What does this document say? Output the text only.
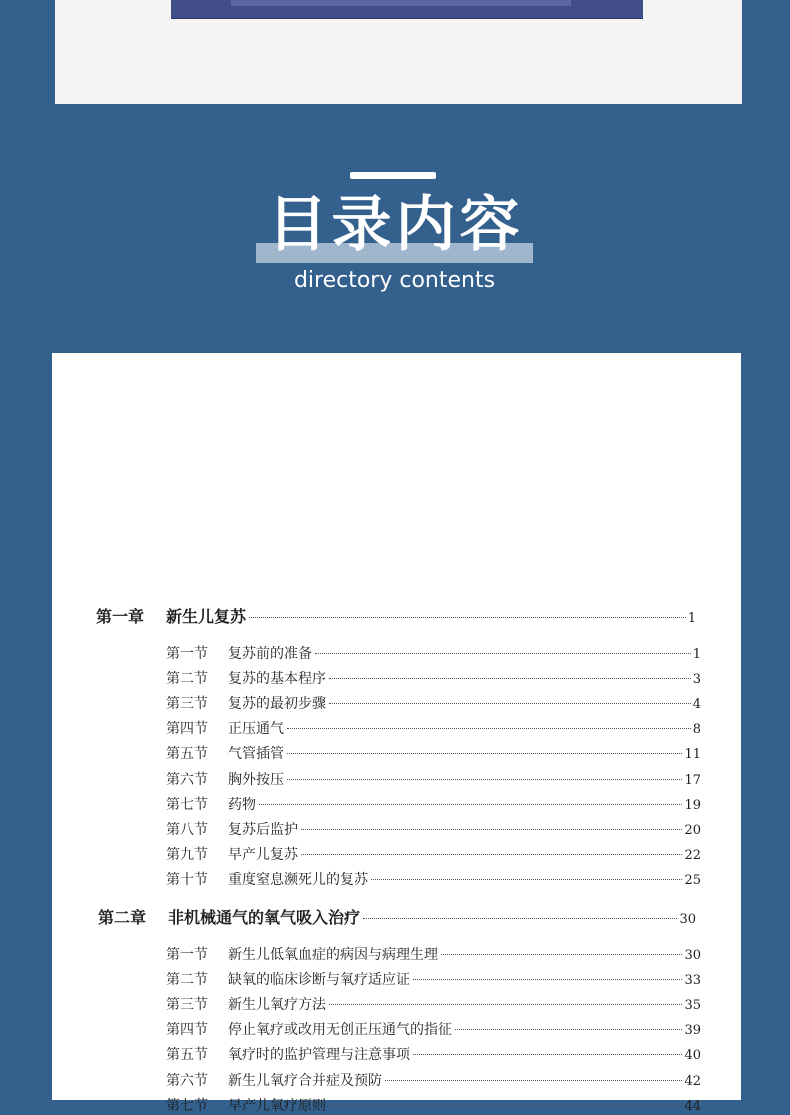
目录内容
directory contents
第一章	新生儿复苏	1
第一节	复苏前的准备	1
第二节	复苏的基本程序	3
第三节	复苏的最初步骤	4
第四节	正压通气	8
第五节	气管插管	11
第六节	胸外按压	17
第七节	药物	19
第八节	复苏后监护	20
第九节	早产儿复苏	22
第十节	重度窒息濒死儿的复苏	25
第二章	非机械通气的氧气吸入治疗	30
第一节	新生儿低氧血症的病因与病理生理	30
第二节	缺氧的临床诊断与氧疗适应证	33
第三节	新生儿氧疗方法	35
第四节	停止氧疗或改用无创正压通气的指征	39
第五节	氧疗时的监护管理与注意事项	40
第六节	新生儿氧疗合并症及预防	42
第七节	早产儿氧疗原则	44
